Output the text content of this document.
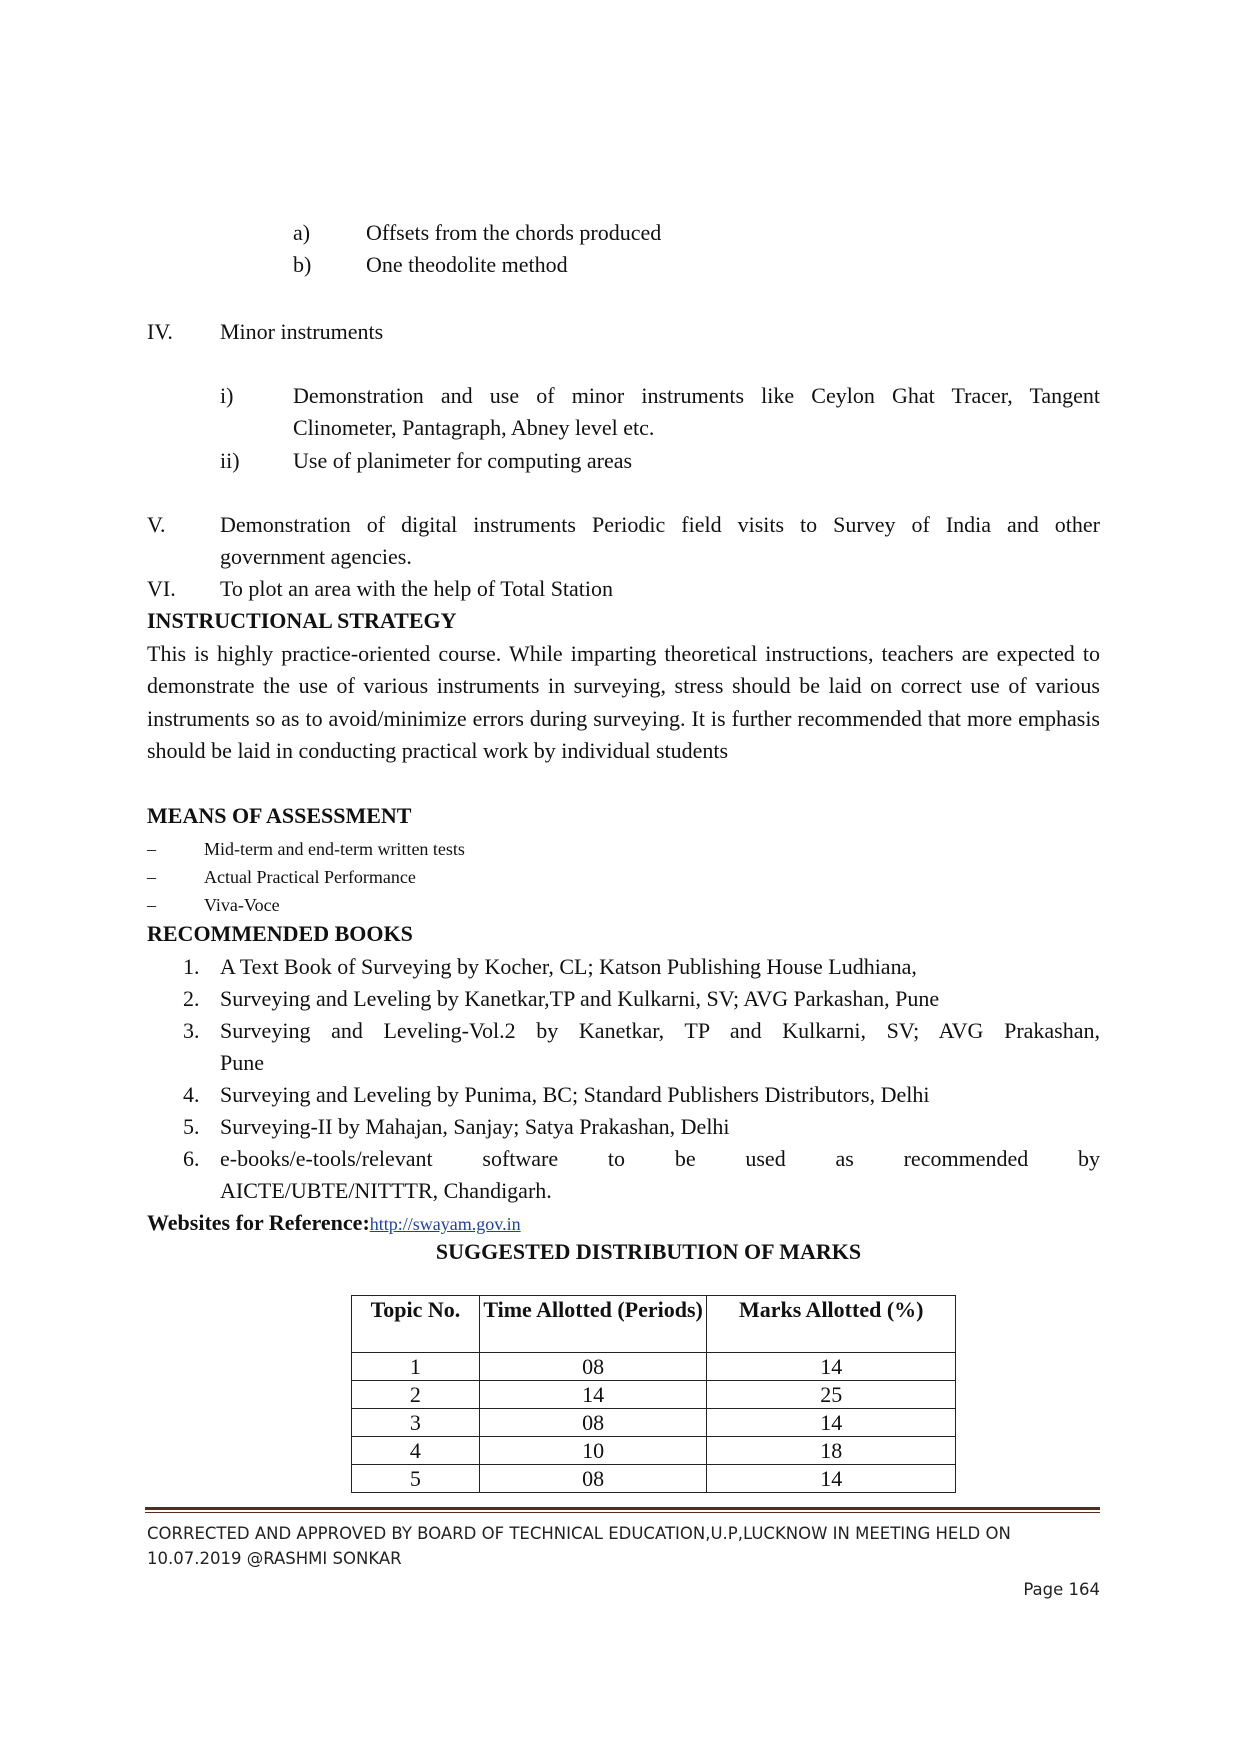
a)	Offsets from the chords produced
b) One theodolite method
IV. Minor instruments
i)	Demonstration and use of minor instruments like Ceylon Ghat Tracer, Tangent
Clinometer, Pantagraph, Abney level etc.
ii) Use of planimeter for computing areas
V. Demonstration of digital instruments Periodic field visits to Survey of India and other
government agencies.
VI. To plot an area with the help of Total Station
INSTRUCTIONAL STRATEGY
This is highly practice-oriented course. While imparting theoretical instructions, teachers are expected to demonstrate the use of various instruments in surveying, stress should be laid on correct use of various instruments so as to avoid/minimize errors during surveying. It is further recommended that more emphasis should be laid in conducting practical work by individual students
MEANS OF ASSESSMENT
–	Mid-term and end-term written tests
–	Actual Practical Performance
–	Viva-Voce
RECOMMENDED BOOKS
1. A Text Book of Surveying by Kocher, CL; Katson Publishing House Ludhiana,
2. Surveying and Leveling by Kanetkar,TP and Kulkarni, SV; AVG Parkashan, Pune
3. Surveying and Leveling-Vol.2 by Kanetkar, TP and Kulkarni, SV; AVG Prakashan,
Pune
4. Surveying and Leveling by Punima, BC; Standard Publishers Distributors, Delhi
5. Surveying-II by Mahajan, Sanjay; Satya Prakashan, Delhi
6. e-books/e-tools/relevant software to be used as recommended by
AICTE/UBTE/NITTTR, Chandigarh.
Websites for Reference:http://swayam.gov.in
SUGGESTED DISTRIBUTION OF MARKS
Topic No.	Time Allotted (Periods)	Marks Allotted (%)
1	08	14
2	14	25
3	08	14
4	10	18
5	08	14
CORRECTED AND APPROVED BY BOARD OF TECHNICAL EDUCATION,U.P,LUCKNOW IN MEETING HELD ON
10.07.2019 @RASHMI SONKAR
Page 164
